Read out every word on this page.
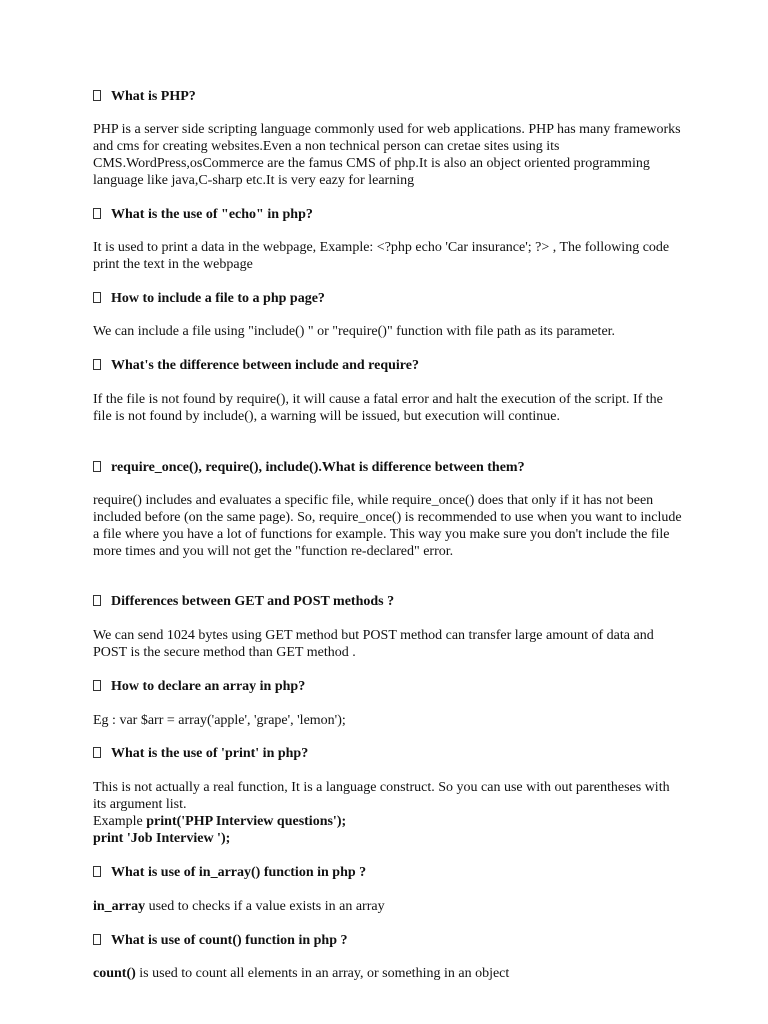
What is PHP?

PHP is a server side scripting language commonly used for web applications. PHP has many frameworks and cms for creating websites.Even a non technical person can cretae sites using its CMS.WordPress,osCommerce are the famus CMS of php.It is also an object oriented programming language like java,C-sharp etc.It is very eazy for learning

What is the use of "echo" in php?

It is used to print a data in the webpage, Example: <?php echo 'Car insurance'; ?> , The following code print the text in the webpage

How to include a file to a php page?

We can include a file using "include() " or "require()" function with file path as its parameter.

What's the difference between include and require?

If the file is not found by require(), it will cause a fatal error and halt the execution of the script. If the file is not found by include(), a warning will be issued, but execution will continue.

require_once(), require(), include().What is difference between them?

require() includes and evaluates a specific file, while require_once() does that only if it has not been included before (on the same page). So, require_once() is recommended to use when you want to include a file where you have a lot of functions for example. This way you make sure you don't include the file more times and you will not get the "function re-declared" error.

Differences between GET and POST methods ?

We can send 1024 bytes using GET method but POST method can transfer large amount of data and POST is the secure method than GET method .

How to declare an array in php?

Eg : var $arr = array('apple', 'grape', 'lemon');

What is the use of 'print' in php?

This is not actually a real function, It is a language construct. So you can use with out parentheses with its argument list.

Example print('PHP Interview questions');

print 'Job Interview ');

What is use of in_array() function in php ?

in_array used to checks if a value exists in an array

What is use of count() function in php ?

count() is used to count all elements in an array, or something in an object
